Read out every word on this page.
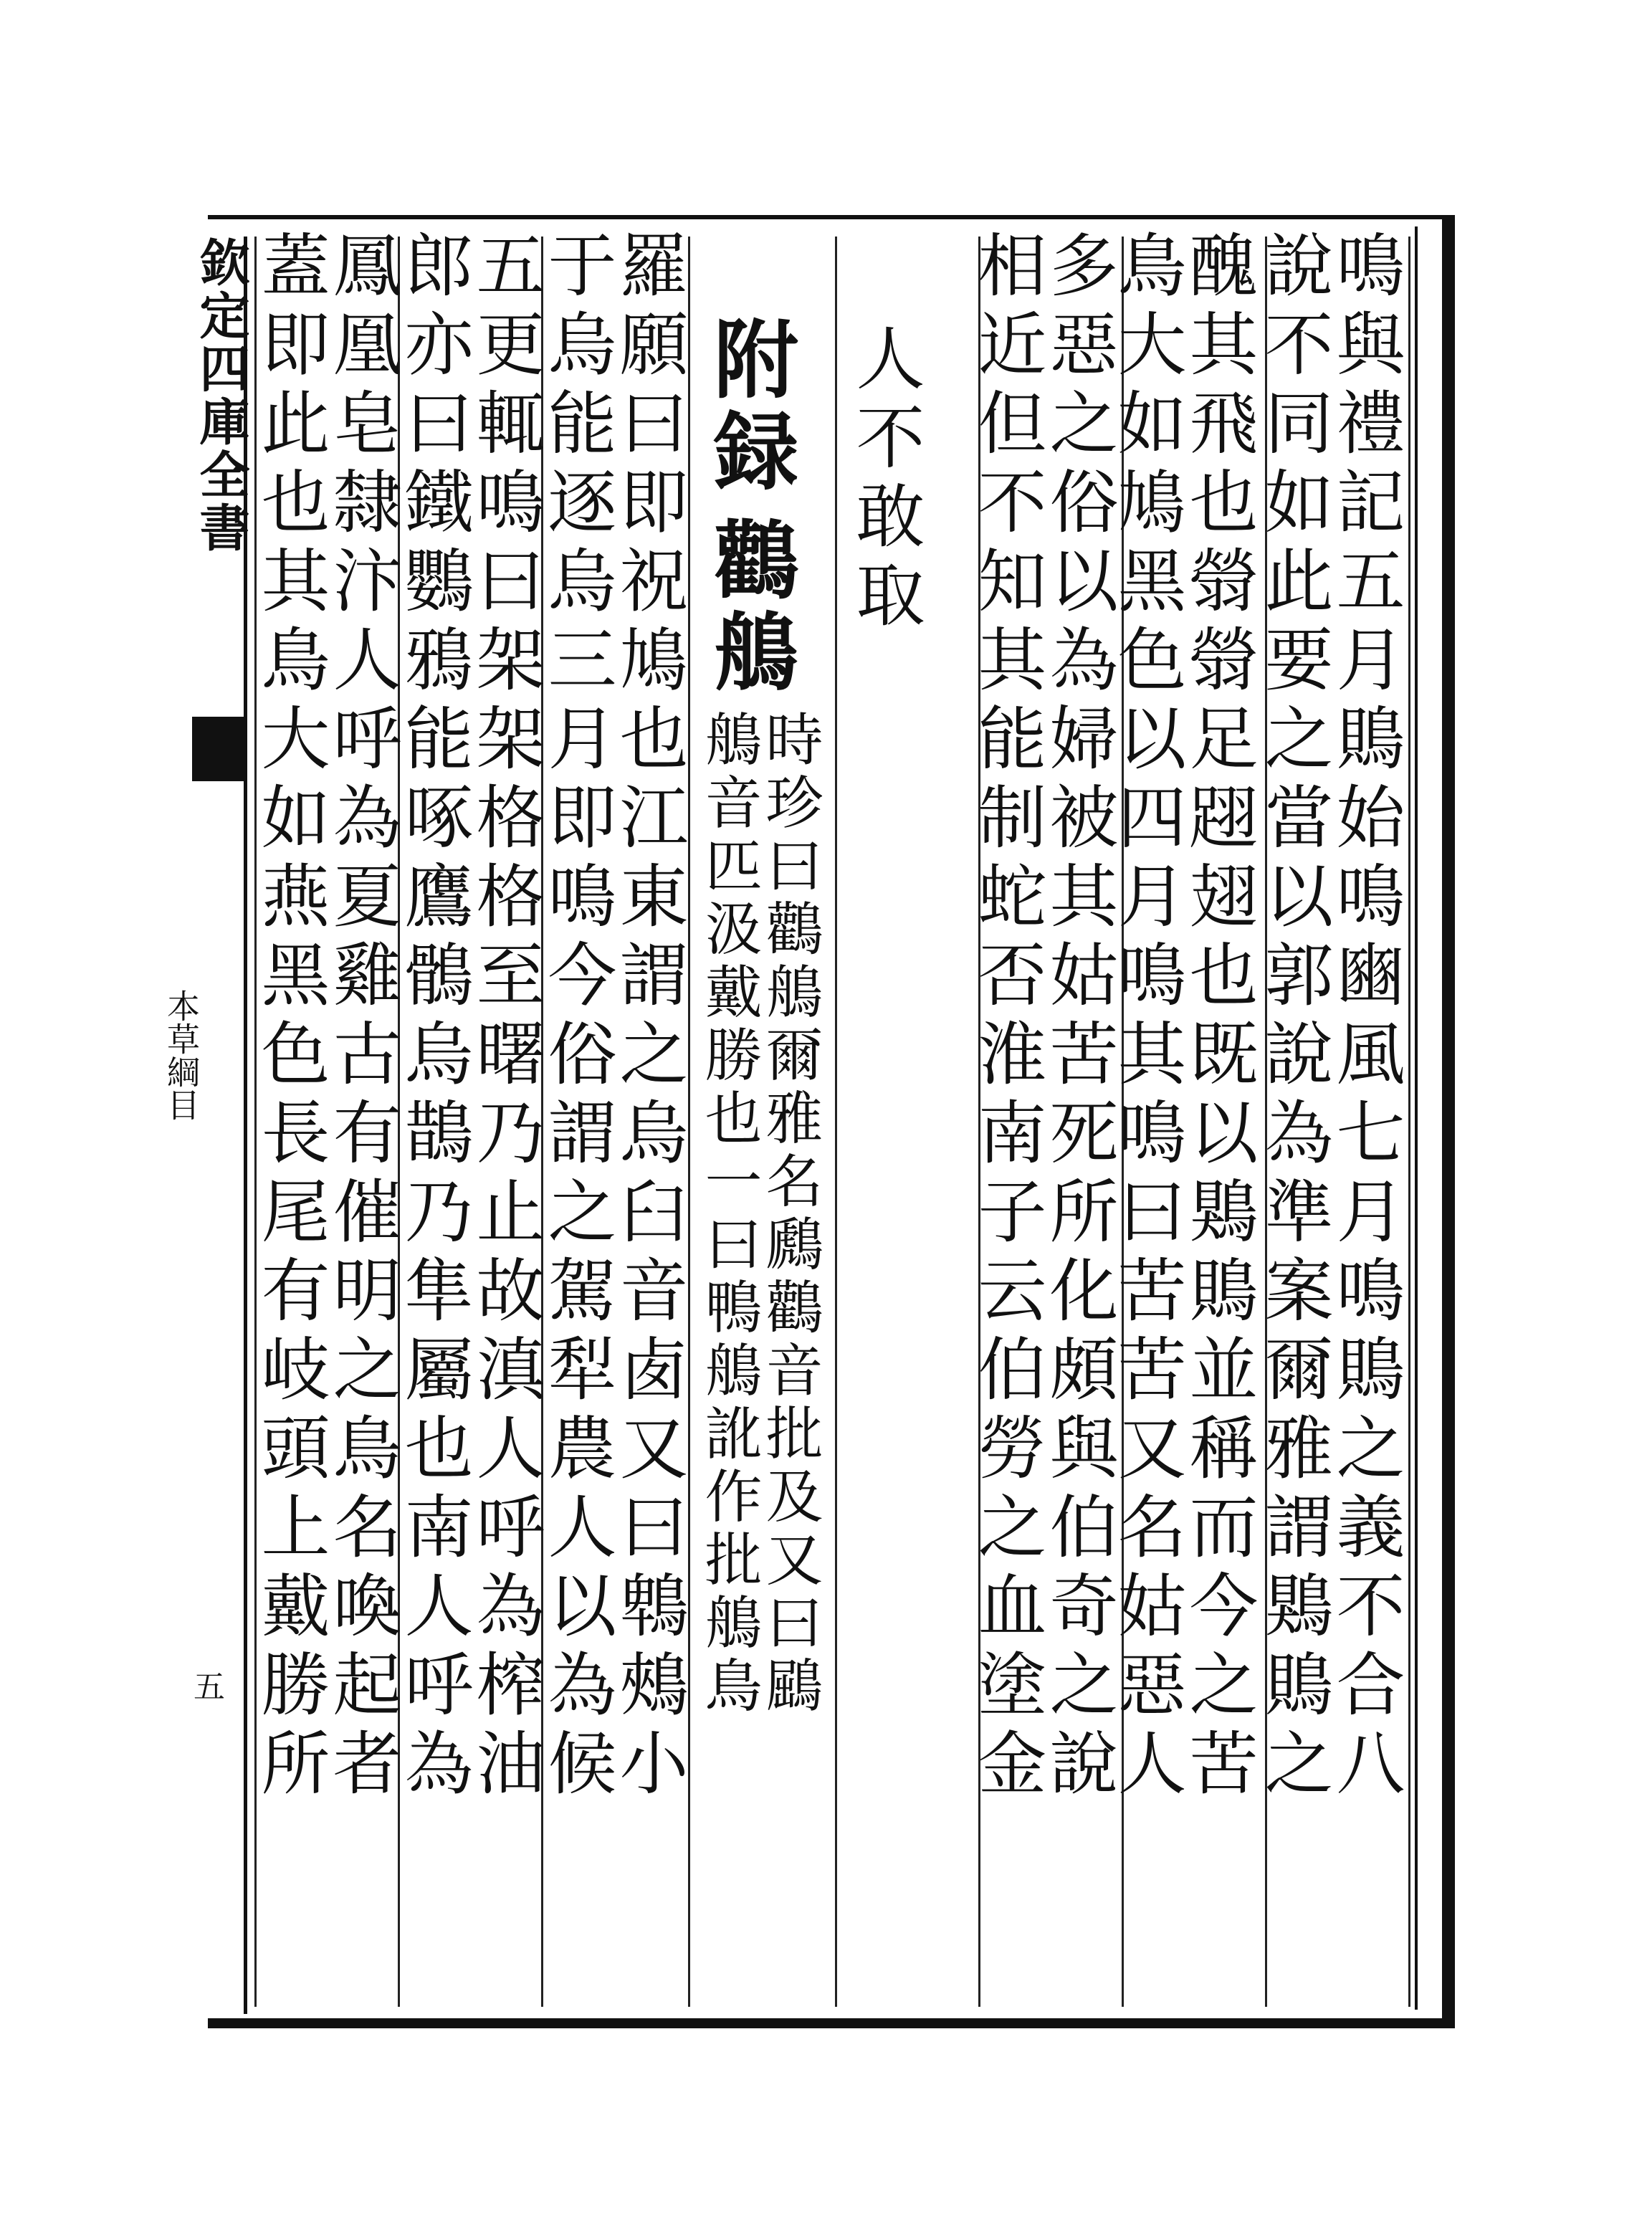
欽定四庫全書
本草綱目
五	鳴與禮記五月鵙始鳴豳風七月鳴鵙之義不合八
說不同如此要之當以郭說為準案爾雅謂鶪鵙之
醜其飛也䎕䎕足䟳翅也既以鶪鵙並稱而今之苦
鳥大如鳩黑色以四月鳴其鳴曰苦苦又名姑惡人
多惡之俗以為婦被其姑苦死所化頗與伯奇之說
相近但不知其能制蛇否淮南子云伯勞之血塗金
人不敢取
附録
鸛鵃
時珍曰鸛鵃爾雅名鷉鸛音批及又曰鶌
鵃音匹汲戴勝也一曰鴨鵃訛作批鵃鳥
羅願曰即祝鳩也江東謂之烏臼音𠧧又曰鵯鵊小
于烏能逐烏三月即鳴今俗謂之駕犁農人以為候
五更輒鳴曰架架格格至曙乃止故滇人呼為榨油
郎亦曰鐵鸚鴉能啄鷹鶻烏鵲乃隼屬也南人呼為
鳳凰皂隸汴人呼為夏雞古有催明之鳥名喚起者
蓋即此也其鳥大如燕黑色長尾有岐頭上戴勝所
